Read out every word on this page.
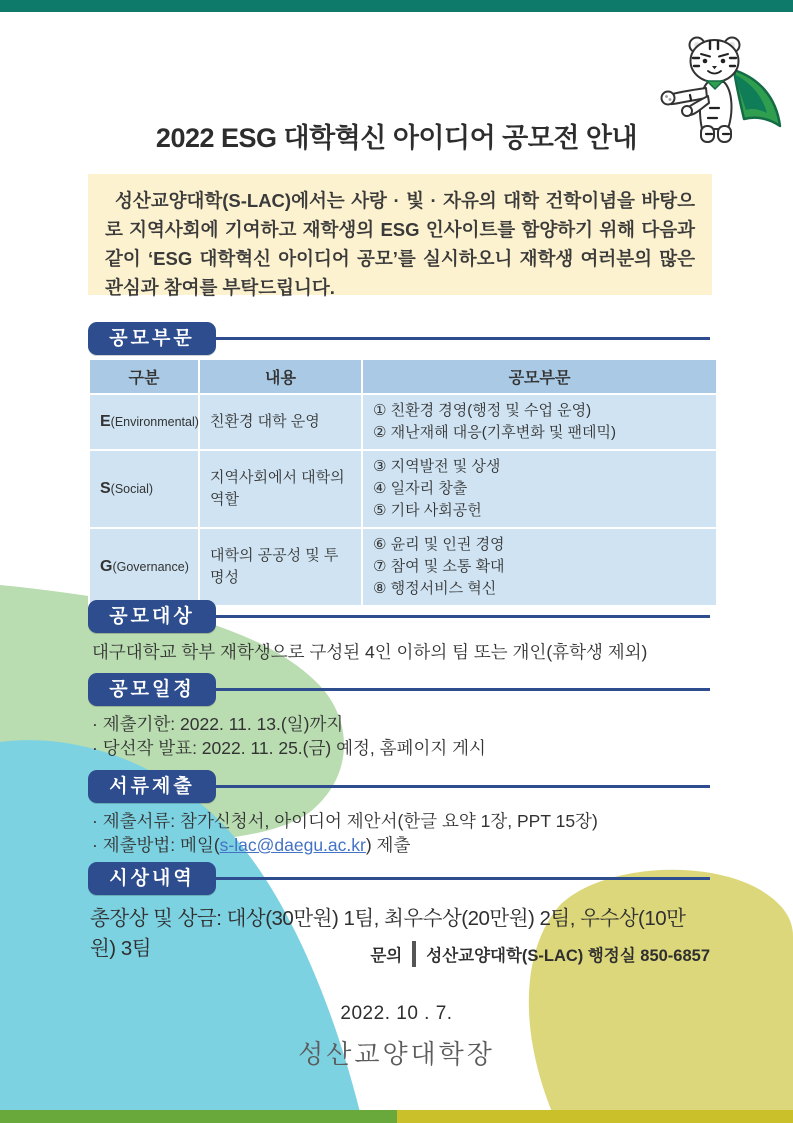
2022 ESG 대학혁신 아이디어 공모전 안내

성산교양대학(S-LAC)에서는 사랑 · 빛 · 자유의 대학 건학이념을 바탕으로 지역사회에 기여하고 재학생의 ESG 인사이트를 함양하기 위해 다음과 같이 ‘ESG 대학혁신 아이디어 공모’를 실시하오니 재학생 여러분의 많은 관심과 참여를 부탁드립니다.

공모부문
구분	내용	공모부문
E(Environmental)	친환경 대학 운영	① 친환경 경영(행정 및 수업 운영)
② 재난재해 대응(기후변화 및 팬데믹)

S(Social)	지역사회에서 대학의 역할	③ 지역발전 및 상생
④ 일자리 창출
⑤ 기타 사회공헌

G(Governance)	대학의 공공성 및 투명성	⑥ 윤리 및 인권 경영
⑦ 참여 및 소통 확대
⑧ 행정서비스 혁신
공모대상
대구대학교 학부 재학생으로 구성된 4인 이하의 팀 또는 개인(휴학생 제외)
공모일정
· 제출기한: 2022. 11. 13.(일)까지
· 당선작 발표: 2022. 11. 25.(금) 예정, 홈페이지 게시
서류제출
· 제출서류: 참가신청서, 아이디어 제안서(한글 요약 1장, PPT 15장)
· 제출방법: 메일(s-lac@daegu.ac.kr) 제출
시상내역
총장상 및 상금: 대상(30만원) 1팀, 최우수상(20만원) 2팀, 우수상(10만원) 3팀	문의 성산교양대학(S-LAC) 행정실 850-6857
2022. 10 . 7.
성산교양대학장
